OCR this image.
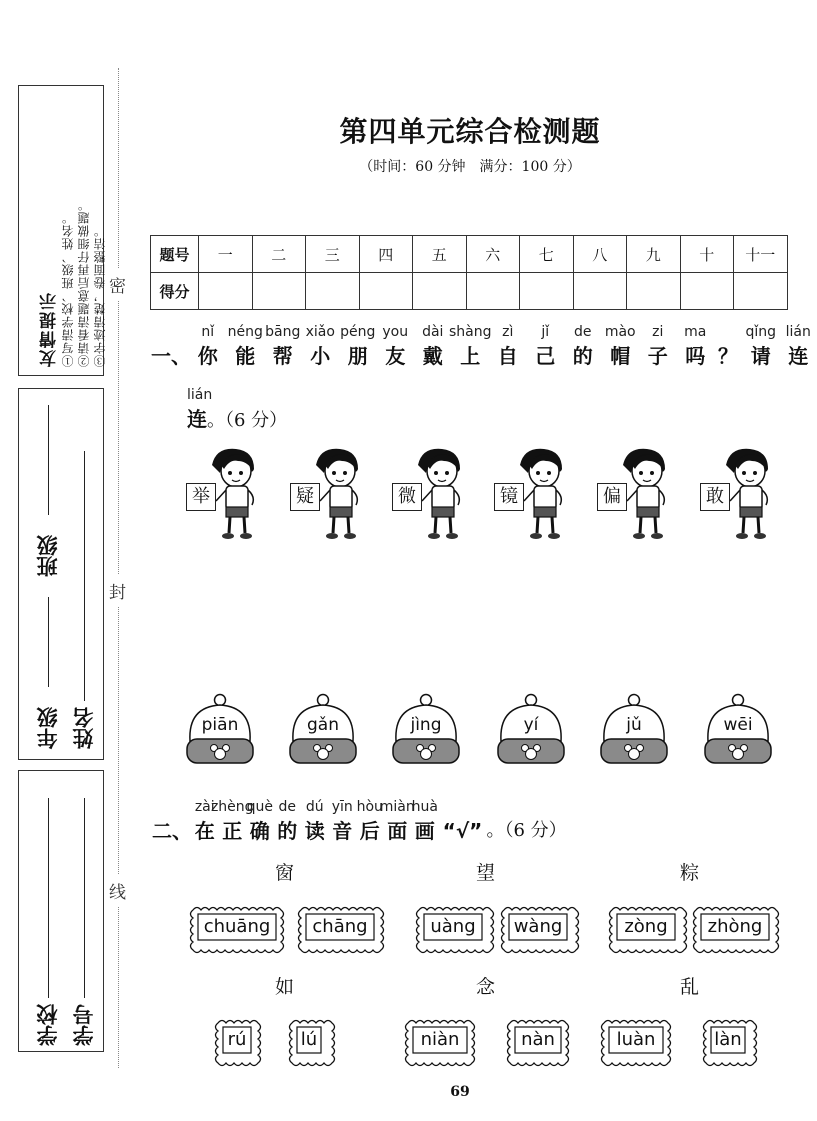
友情提示 ①写清学校、班级、姓名。 ②请看清题意后再仔细做题。 ③字迹清楚，卷面整洁。
年级
班级
姓名
学校 学号
密
封
线
第四单元综合检测题
（时间：60 分钟　满分：100 分）
题号	一	二	三	四	五	六	七	八	九	十	十一
得分											
一、
nǐ
你
néng
能
bāng
帮
xiǎo
小
péng
朋
you
友
dài
戴
shàng
上
zì
自
jǐ
己
de
的
mào
帽
zi
子
ma
吗 ？
qǐng
请
lián
连
lián
连。（6 分）
举	疑	微	镜	偏	敢
piān	gǎn	jìng	yí	jǔ	wēi
二、
zài
在
zhèng
正
què
确
de
的
dú
读
yīn
音
hòu
后
miàn
面
huà
画 “√” 。（6 分）
窗
chuāng	chāng
望
uàng	wàng
粽
zòng	zhòng
如
rú	lú
念
niàn	nàn
乱
luàn	làn
69
